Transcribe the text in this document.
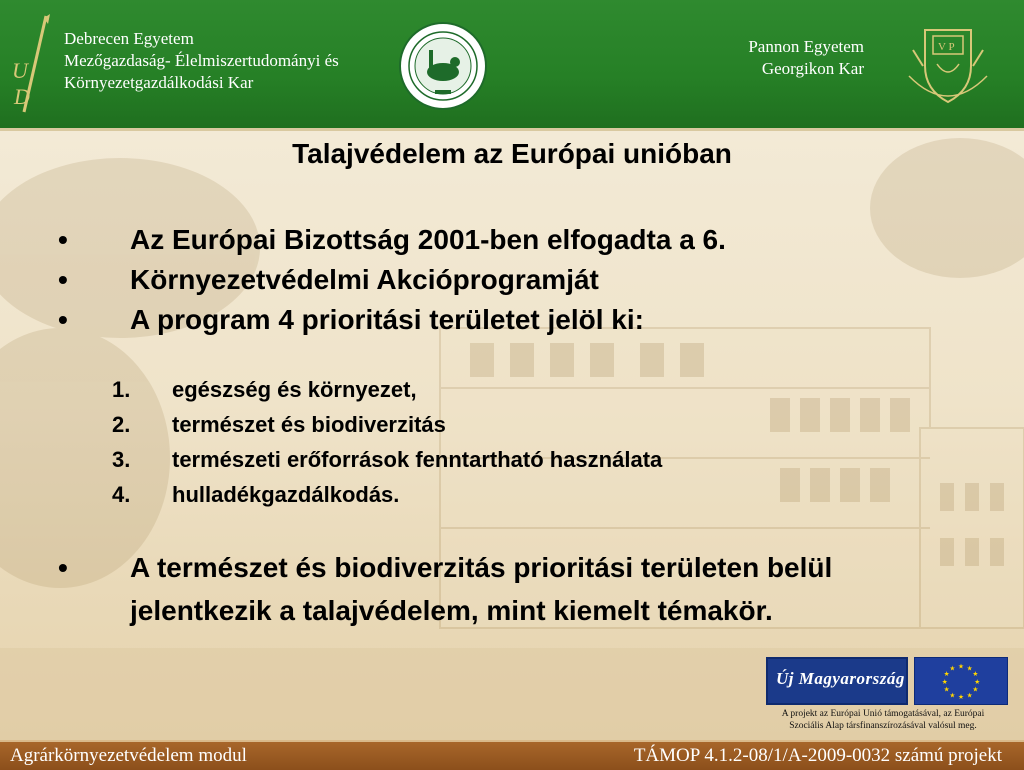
U
D
Debrecen Egyetem
Mezőgazdaság- Élelmiszertudományi és
Környezetgazdálkodási Kar
Pannon Egyetem
Georgikon Kar
V P
Talajvédelem az Európai unióban
• Az Európai Bizottság 2001-ben elfogadta a 6.
• Környezetvédelmi Akcióprogramját
• A program 4 prioritási területet jelöl ki:
1. egészség és környezet,
2. természet és biodiverzitás
3. természeti erőforrások fenntartható használata
4. hulladékgazdálkodás.
• A természet és biodiverzitás prioritási területen belül
jelentkezik a talajvédelem, mint kiemelt témakör.
Új Magyarország
★ ★
★
★
★
★
★
★
★
★
★
★
A projekt az Európai Unió támogatásával, az Európai
Szociális Alap társfinanszírozásával valósul meg.
Agrárkörnyezetvédelem modul	TÁMOP 4.1.2-08/1/A-2009-0032 számú projekt
